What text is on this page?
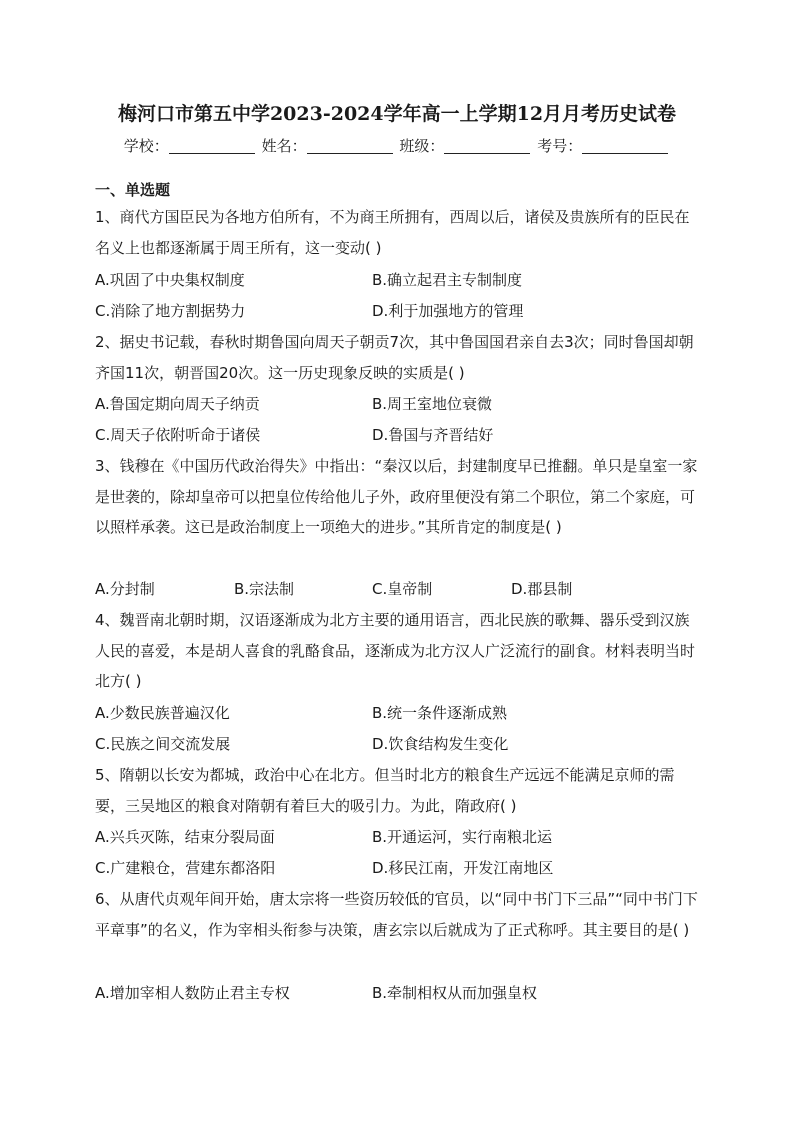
梅河口市第五中学2023-2024学年高一上学期12月月考历史试卷
学校：	姓名：	班级：	考号：
一、单选题

1、商代方国臣民为各地方伯所有，不为商王所拥有，西周以后，诸侯及贵族所有的臣民在名义上也都逐渐属于周王所有，这一变动( )

A.巩固了中央集权制度	B.确立起君主专制制度
C.消除了地方割据势力	D.利于加强地方的管理

2、据史书记载，春秋时期鲁国向周天子朝贡7次，其中鲁国国君亲自去3次；同时鲁国却朝齐国11次，朝晋国20次。这一历史现象反映的实质是( )

A.鲁国定期向周天子纳贡	B.周王室地位衰微
C.周天子依附听命于诸侯	D.鲁国与齐晋结好

3、钱穆在《中国历代政治得失》中指出：“秦汉以后，封建制度早已推翻。单只是皇室一家是世袭的，除却皇帝可以把皇位传给他儿子外，政府里便没有第二个职位，第二个家庭，可以照样承袭。这已是政治制度上一项绝大的进步。”其所肯定的制度是( )

A.分封制	B.宗法制	C.皇帝制	D.郡县制

4、魏晋南北朝时期，汉语逐渐成为北方主要的通用语言，西北民族的歌舞、器乐受到汉族人民的喜爱，本是胡人喜食的乳酪食品，逐渐成为北方汉人广泛流行的副食。材料表明当时北方( )

A.少数民族普遍汉化	B.统一条件逐渐成熟
C.民族之间交流发展	D.饮食结构发生变化

5、隋朝以长安为都城，政治中心在北方。但当时北方的粮食生产远远不能满足京师的需要，三吴地区的粮食对隋朝有着巨大的吸引力。为此，隋政府( )

A.兴兵灭陈，结束分裂局面	B.开通运河，实行南粮北运
C.广建粮仓，营建东都洛阳	D.移民江南，开发江南地区

6、从唐代贞观年间开始，唐太宗将一些资历较低的官员，以“同中书门下三品”“同中书门下平章事”的名义，作为宰相头衔参与决策，唐玄宗以后就成为了正式称呼。其主要目的是( )

A.增加宰相人数防止君主专权	B.牵制相权从而加强皇权
